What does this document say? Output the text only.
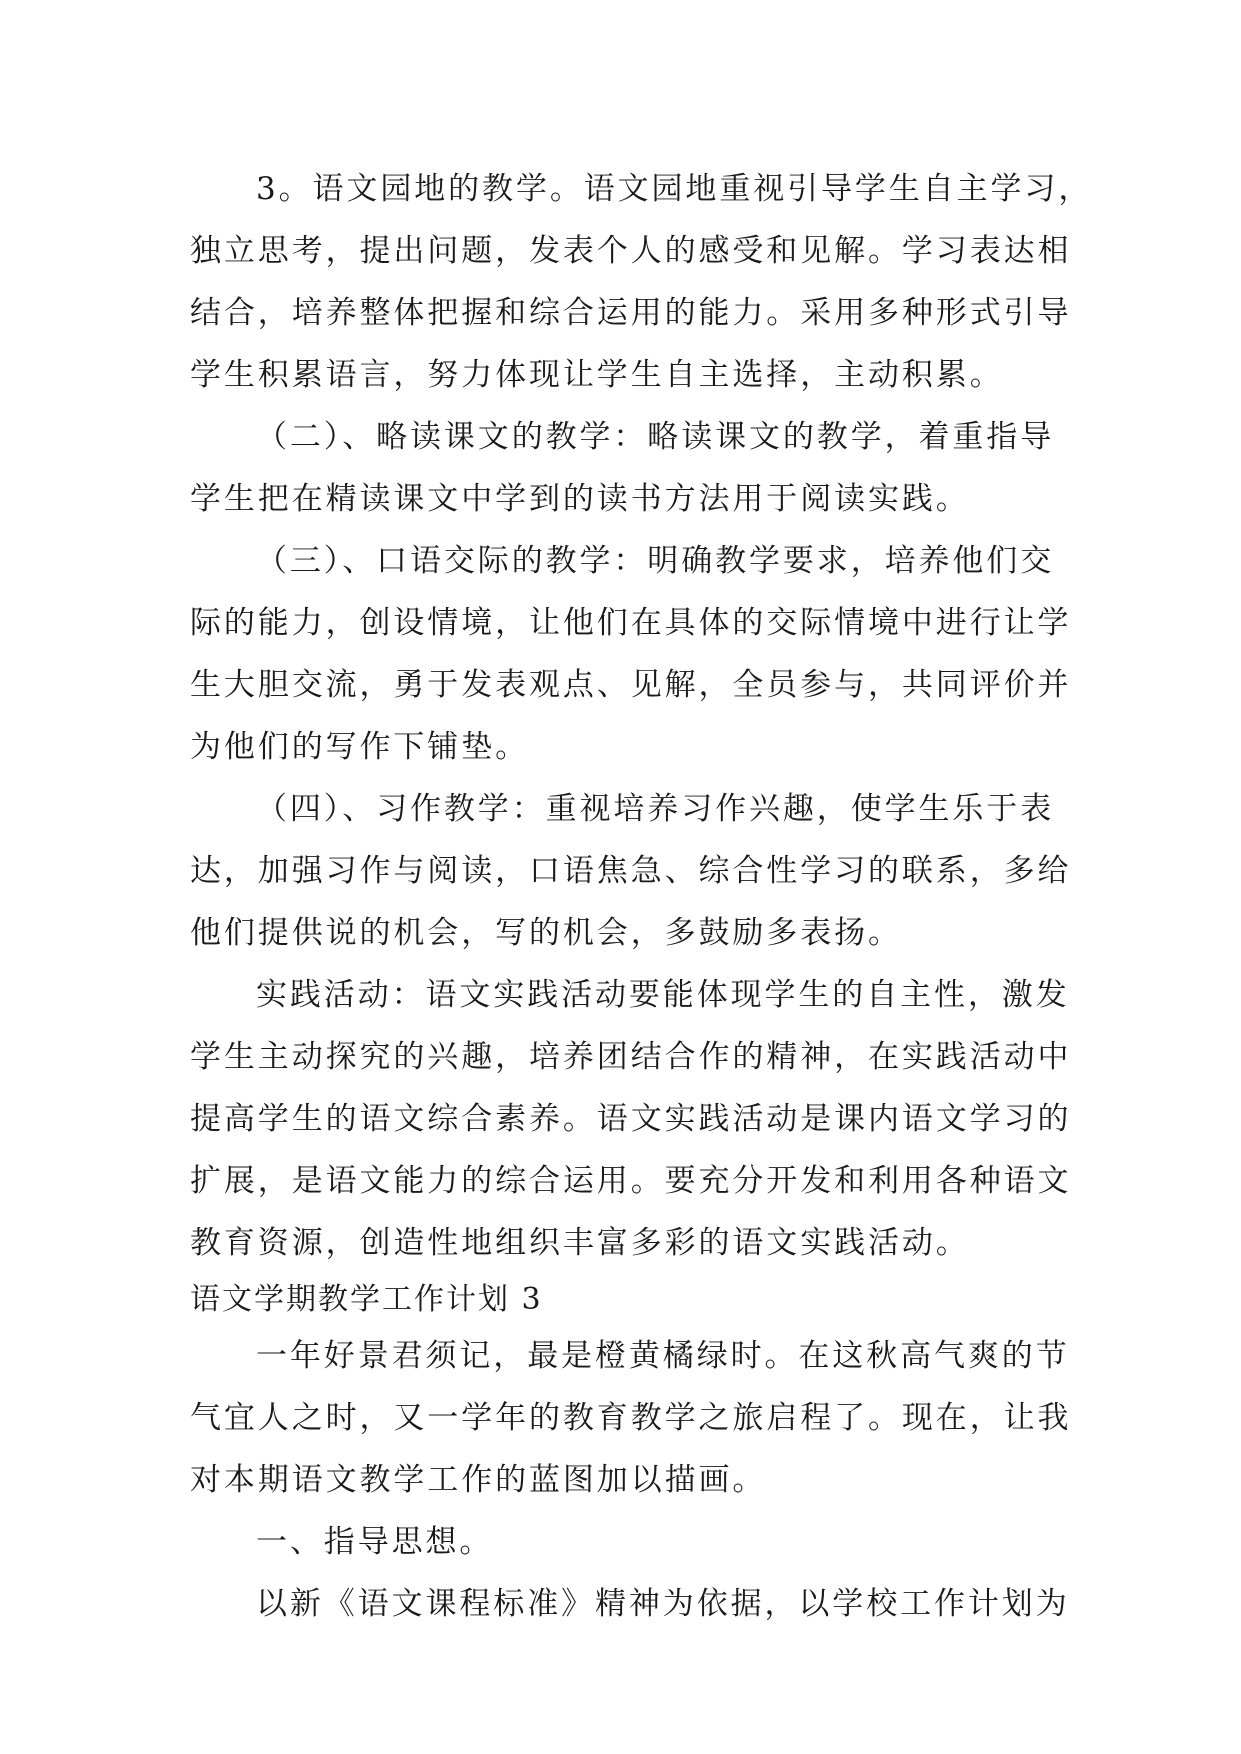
3。语文园地的教学。语文园地重视引导学生自主学习，
独立思考，提出问题，发表个人的感受和见解。学习表达相
结合，培养整体把握和综合运用的能力。采用多种形式引导
学生积累语言，努力体现让学生自主选择，主动积累。
（二）、略读课文的教学：略读课文的教学，着重指导
学生把在精读课文中学到的读书方法用于阅读实践。
（三）、口语交际的教学：明确教学要求，培养他们交
际的能力，创设情境，让他们在具体的交际情境中进行让学
生大胆交流，勇于发表观点、见解，全员参与，共同评价并
为他们的写作下铺垫。
（四）、习作教学：重视培养习作兴趣，使学生乐于表
达，加强习作与阅读，口语焦急、综合性学习的联系，多给
他们提供说的机会，写的机会，多鼓励多表扬。
实践活动：语文实践活动要能体现学生的自主性，激发
学生主动探究的兴趣，培养团结合作的精神，在实践活动中
提高学生的语文综合素养。语文实践活动是课内语文学习的
扩展，是语文能力的综合运用。要充分开发和利用各种语文
教育资源，创造性地组织丰富多彩的语文实践活动。
语文学期教学工作计划 3
一年好景君须记，最是橙黄橘绿时。在这秋高气爽的节
气宜人之时，又一学年的教育教学之旅启程了。现在，让我
对本期语文教学工作的蓝图加以描画。
一、指导思想。
以新《语文课程标准》精神为依据，以学校工作计划为
